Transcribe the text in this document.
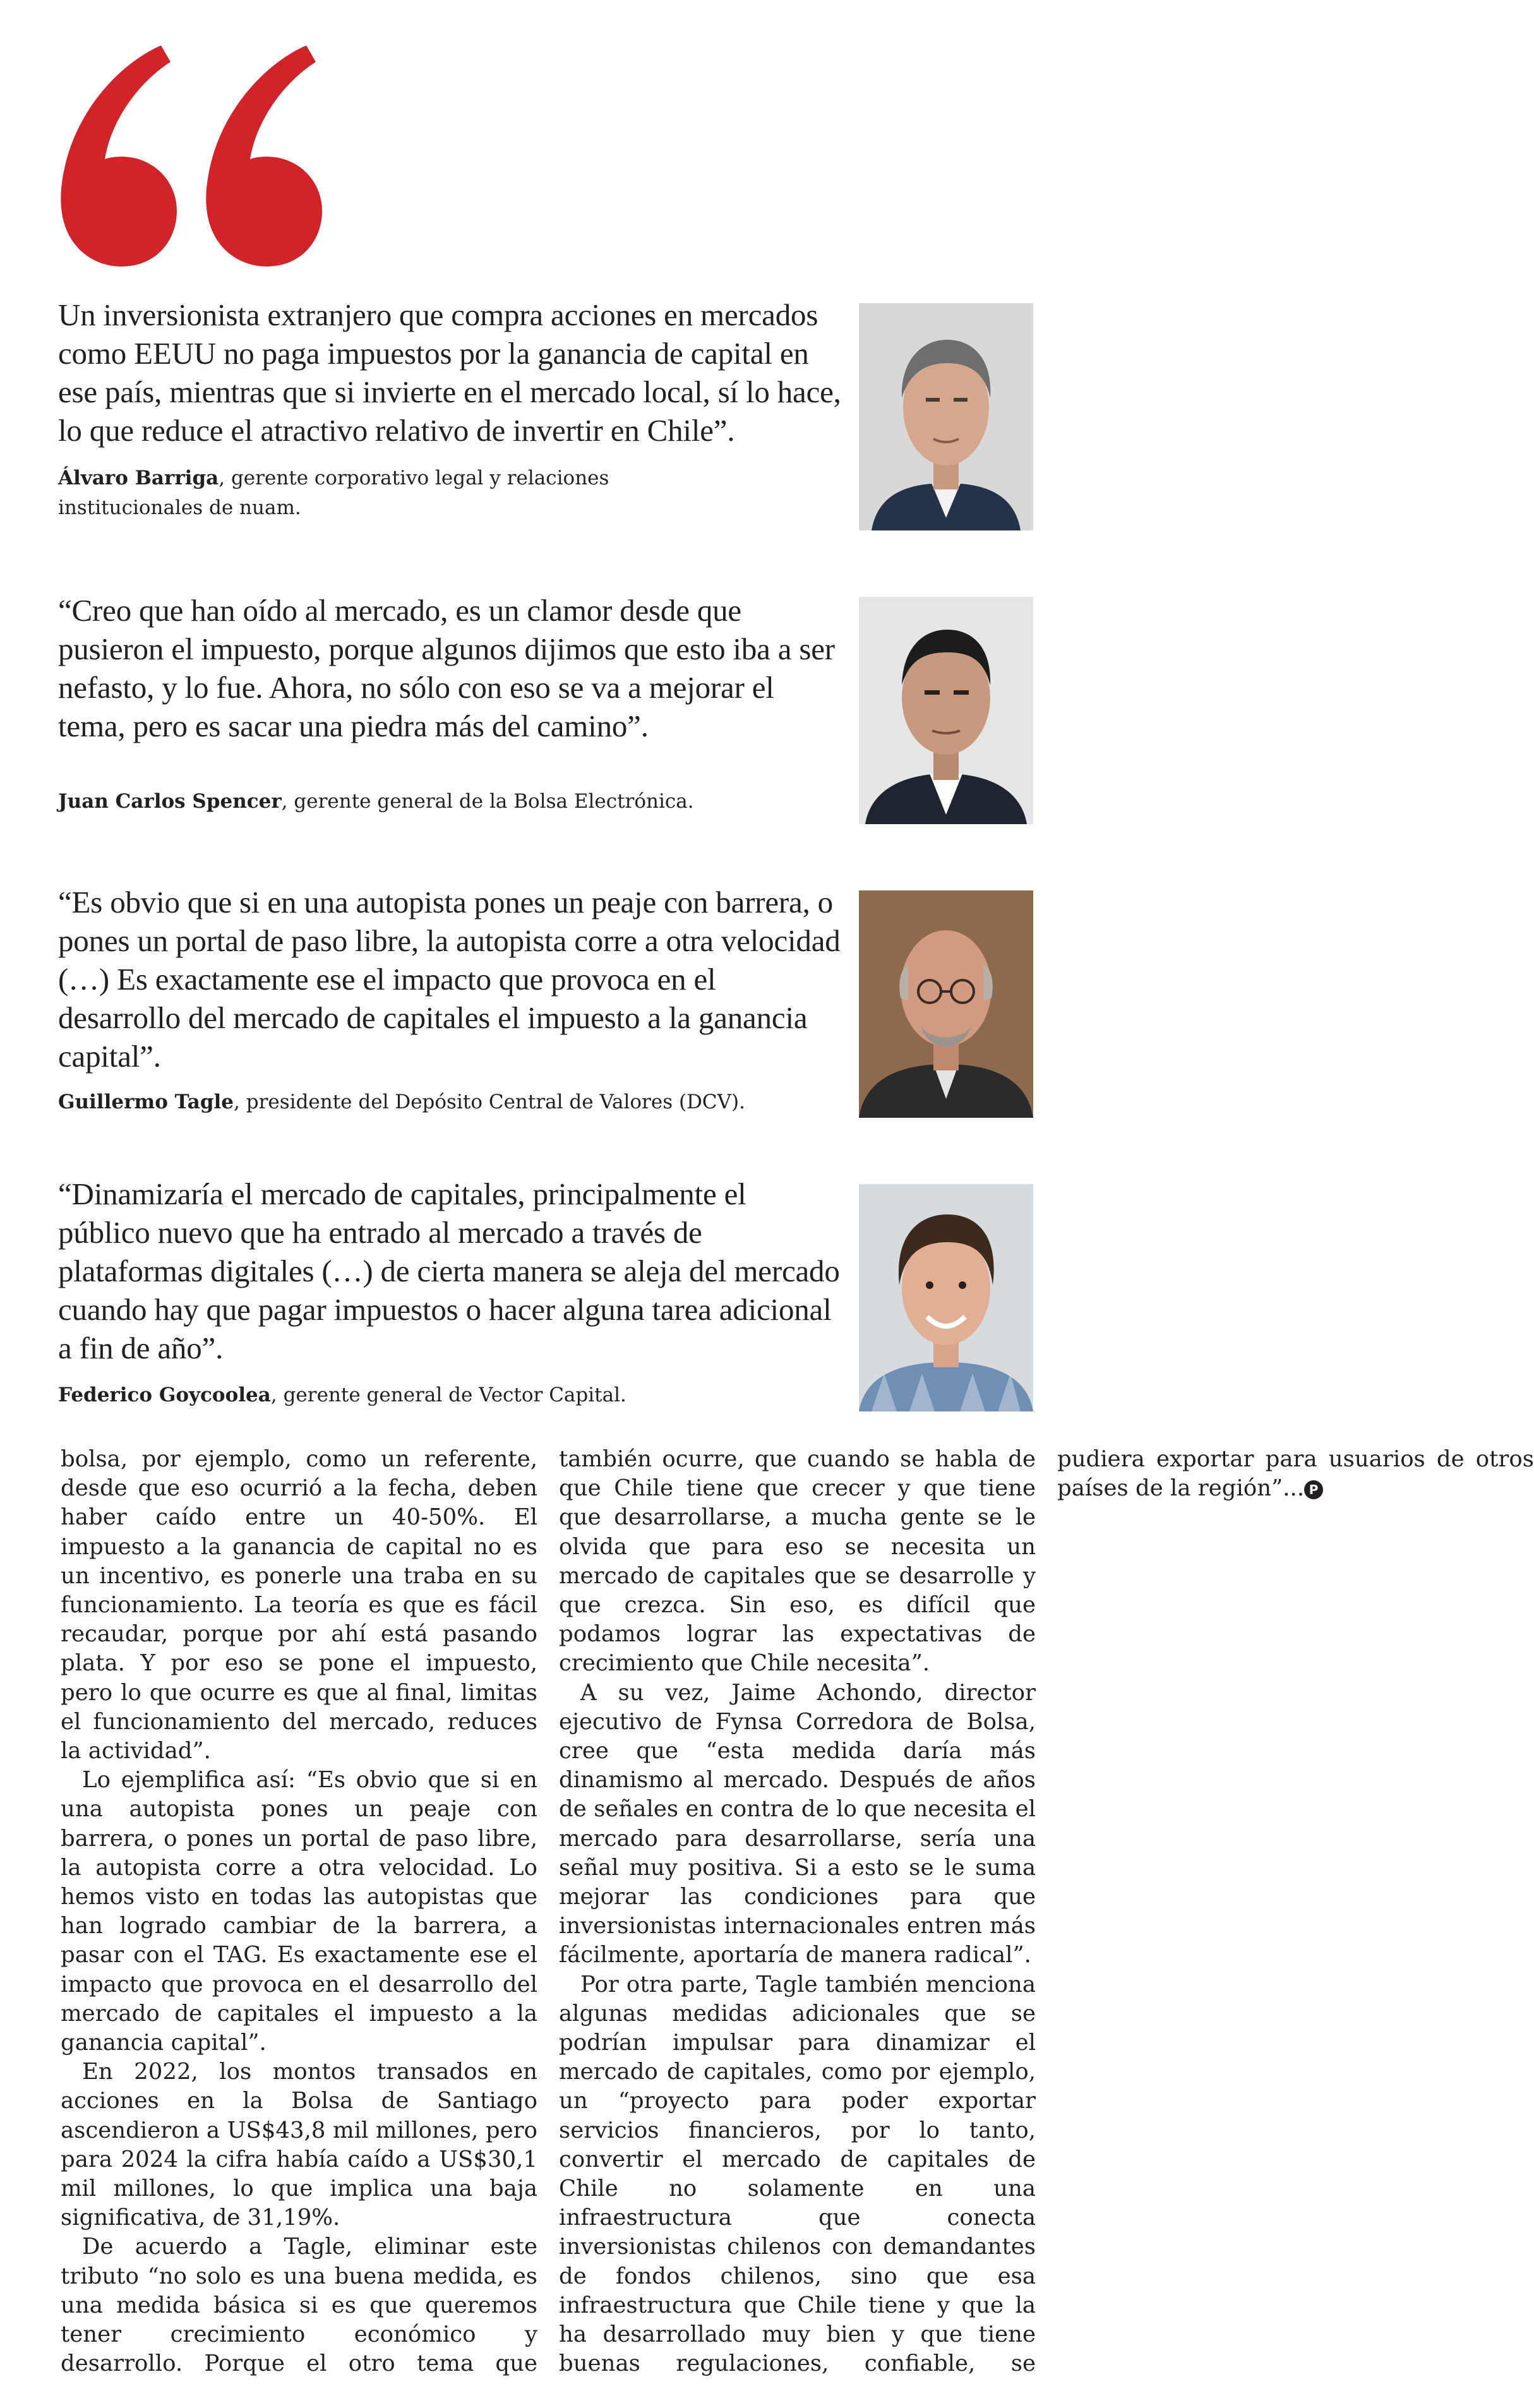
Un inversionista extranjero que compra acciones en mercados como EEUU no paga impuestos por la ganancia de capital en ese país, mientras que si invierte en el mercado local, sí lo hace, lo que reduce el atractivo relativo de invertir en Chile”.

Álvaro Barriga, gerente corporativo legal y relaciones institucionales de nuam.

“Creo que han oído al mercado, es un clamor desde que pusieron el impuesto, porque algunos dijimos que esto iba a ser nefasto, y lo fue. Ahora, no sólo con eso se va a mejorar el tema, pero es sacar una piedra más del camino”.

Juan Carlos Spencer, gerente general de la Bolsa Electrónica.

“Es obvio que si en una autopista pones un peaje con barrera, o pones un portal de paso libre, la autopista corre a otra velocidad (…) Es exactamente ese el impacto que provoca en el desarrollo del mercado de capitales el impuesto a la ganancia capital”.

Guillermo Tagle, presidente del Depósito Central de Valores (DCV).

“Dinamizaría el mercado de capitales, principalmente el público nuevo que ha entrado al mercado a través de plataformas digitales (…) de cierta manera se aleja del mercado cuando hay que pagar impuestos o hacer alguna tarea adicional a fin de año”.

Federico Goycoolea, gerente general de Vector Capital.

bolsa, por ejemplo, como un referente, desde que eso ocurrió a la fecha, deben haber caído entre un 40-50%. El impuesto a la ganancia de capital no es un incentivo, es ponerle una traba en su funcionamiento. La teoría es que es fácil recaudar, porque por ahí está pasando plata. Y por eso se pone el impuesto, pero lo que ocurre es que al final, limitas el funcionamiento del mercado, reduces la actividad”.

Lo ejemplifica así: “Es obvio que si en una autopista pones un peaje con barrera, o pones un portal de paso libre, la autopista corre a otra velocidad. Lo hemos visto en todas las autopistas que han logrado cambiar de la barrera, a pasar con el TAG. Es exactamente ese el impacto que provoca en el desarrollo del mercado de capitales el impuesto a la ganancia capital”.

En 2022, los montos transados en acciones en la Bolsa de Santiago ascendieron a US$43,8 mil millones, pero para 2024 la cifra había caído a US$30,1 mil millones, lo que implica una baja significativa, de 31,19%.

De acuerdo a Tagle, eliminar este tributo “no solo es una buena medida, es una medida básica si es que queremos tener crecimiento económico y desarrollo. Porque el otro tema que también ocurre, que cuando se habla de que Chile tiene que crecer y que tiene que desarrollarse, a mucha gente se le olvida que para eso se necesita un mercado de capitales que se desarrolle y que crezca. Sin eso, es difícil que podamos lograr las expectativas de crecimiento que Chile necesita”.

A su vez, Jaime Achondo, director ejecutivo de Fynsa Corredora de Bolsa, cree que “esta medida daría más dinamismo al mercado. Después de años de señales en contra de lo que necesita el mercado para desarrollarse, sería una señal muy positiva. Si a esto se le suma mejorar las condiciones para que inversionistas internacionales entren más fácilmente, aportaría de manera radical”.

Por otra parte, Tagle también menciona algunas medidas adicionales que se podrían impulsar para dinamizar el mercado de capitales, como por ejemplo, un “proyecto para poder exportar servicios financieros, por lo tanto, convertir el mercado de capitales de Chile no solamente en una infraestructura que conecta inversionistas chilenos con demandantes de fondos chilenos, sino que esa infraestructura que Chile tiene y que la ha desarrollado muy bien y que tiene buenas regulaciones, confiable, se pudiera exportar para usuarios de otros países de la región”... P
